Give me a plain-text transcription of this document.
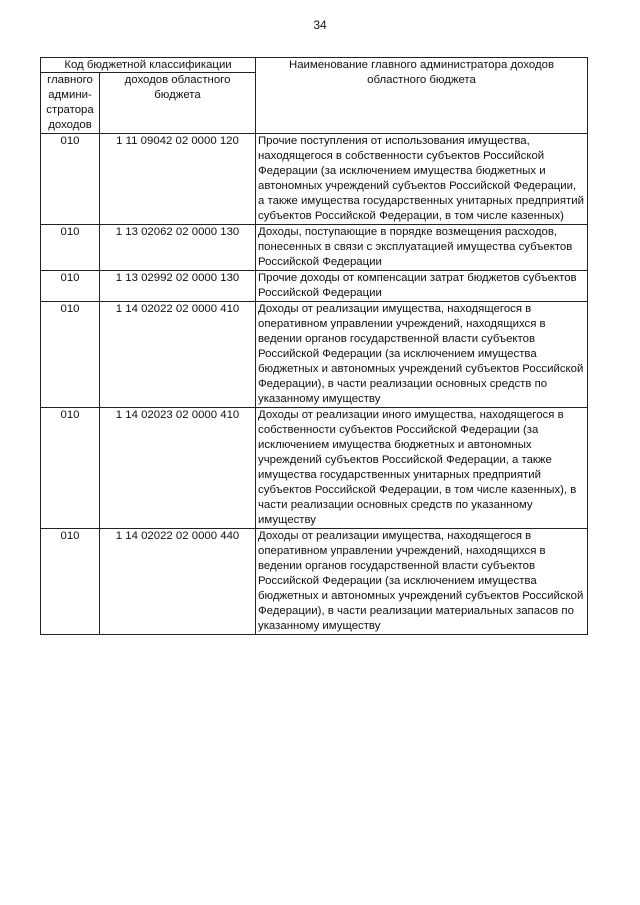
34
Код бюджетной классификации		Наименование главного администратора доходов областного бюджета
главного админи-стратора доходов	доходов областного бюджета	
010	1 11 09042 02 0000 120	Прочие поступления от использования имущества, находящегося в собственности субъектов Российской Федерации (за исключением имущества бюджетных и автономных учреждений субъектов Российской Федерации, а также имущества государственных унитарных предприятий субъектов Российской Федерации, в том числе казенных)
010	1 13 02062 02 0000 130	Доходы, поступающие в порядке возмещения расходов, понесенных в связи с эксплуатацией имущества субъектов Российской Федерации
010	1 13 02992 02 0000 130	Прочие доходы от компенсации затрат бюджетов субъектов Российской Федерации
010	1 14 02022 02 0000 410	Доходы от реализации имущества, находящегося в оперативном управлении учреждений, находящихся в ведении органов государственной власти субъектов Российской Федерации (за исключением имущества бюджетных и автономных учреждений субъектов Российской Федерации), в части реализации основных средств по указанному имуществу
010	1 14 02023 02 0000 410	Доходы от реализации иного имущества, находящегося в собственности субъектов Российской Федерации (за исключением имущества бюджетных и автономных учреждений субъектов Российской Федерации, а также имущества государственных унитарных предприятий субъектов Российской Федерации, в том числе казенных), в части реализации основных средств по указанному имуществу
010	1 14 02022 02 0000 440	Доходы от реализации имущества, находящегося в оперативном управлении учреждений, находящихся в ведении органов государственной власти субъектов Российской Федерации (за исключением имущества бюджетных и автономных учреждений субъектов Российской Федерации), в части реализации материальных запасов по указанному имуществу
